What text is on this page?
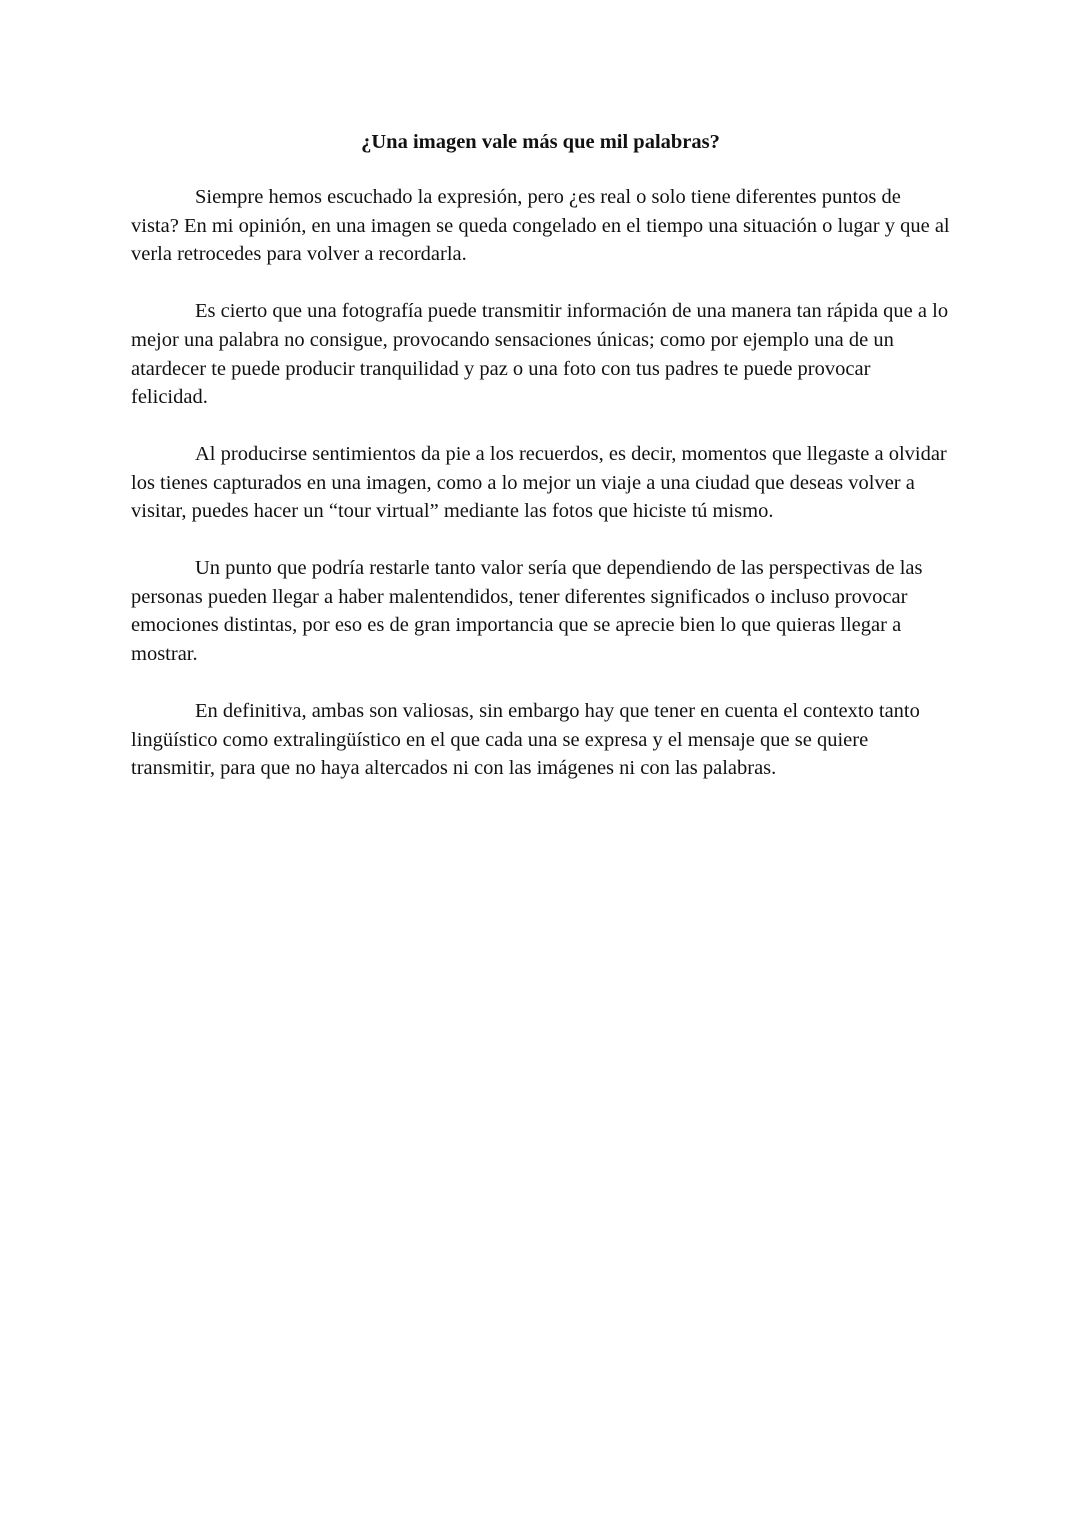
¿Una imagen vale más que mil palabras?

Siempre hemos escuchado la expresión, pero ¿es real o solo tiene diferentes puntos de vista? En mi opinión, en una imagen se queda congelado en el tiempo una situación o lugar y que al verla retrocedes para volver a recordarla.

Es cierto que una fotografía puede transmitir información de una manera tan rápida que a lo mejor una palabra no consigue, provocando sensaciones únicas; como por ejemplo una de un atardecer te puede producir tranquilidad y paz o una foto con tus padres te puede provocar felicidad.

Al producirse sentimientos da pie a los recuerdos, es decir, momentos que llegaste a olvidar los tienes capturados en una imagen, como a lo mejor un viaje a una ciudad que deseas volver a visitar, puedes hacer un “tour virtual” mediante las fotos que hiciste tú mismo.

Un punto que podría restarle tanto valor sería que dependiendo de las perspectivas de las personas pueden llegar a haber malentendidos, tener diferentes significados o incluso provocar emociones distintas, por eso es de gran importancia que se aprecie bien lo que quieras llegar a mostrar.

En definitiva, ambas son valiosas, sin embargo hay que tener en cuenta el contexto tanto lingüístico como extralingüístico en el que cada una se expresa y el mensaje que se quiere transmitir, para que no haya altercados ni con las imágenes ni con las palabras.
